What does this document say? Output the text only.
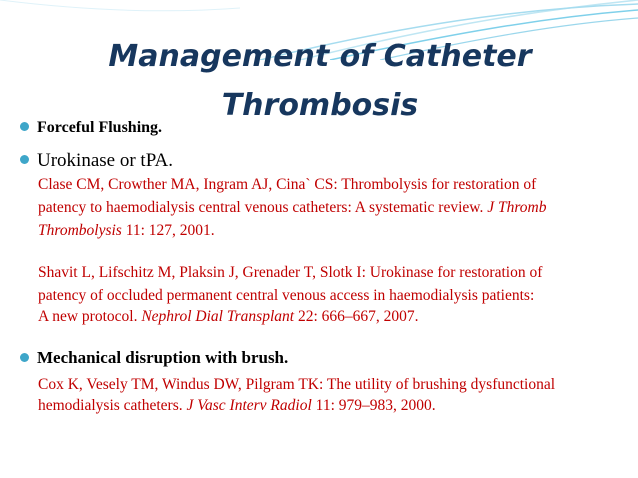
Management of Catheter
Thrombosis
Forceful Flushing.
Urokinase or tPA.
Clase CM, Crowther MA, Ingram AJ, Cina` CS: Thrombolysis for restoration of
patency to haemodialysis central venous catheters: A systematic review. J Thromb
Thrombolysis 11: 127, 2001.
Shavit L, Lifschitz M, Plaksin J, Grenader T, Slotk I: Urokinase for restoration of
patency of occluded permanent central venous access in haemodialysis patients:
A new protocol. Nephrol Dial Transplant 22: 666–667, 2007.
Mechanical disruption with brush.
Cox K, Vesely TM, Windus DW, Pilgram TK: The utility of brushing dysfunctional
hemodialysis catheters. J Vasc Interv Radiol 11: 979–983, 2000.
